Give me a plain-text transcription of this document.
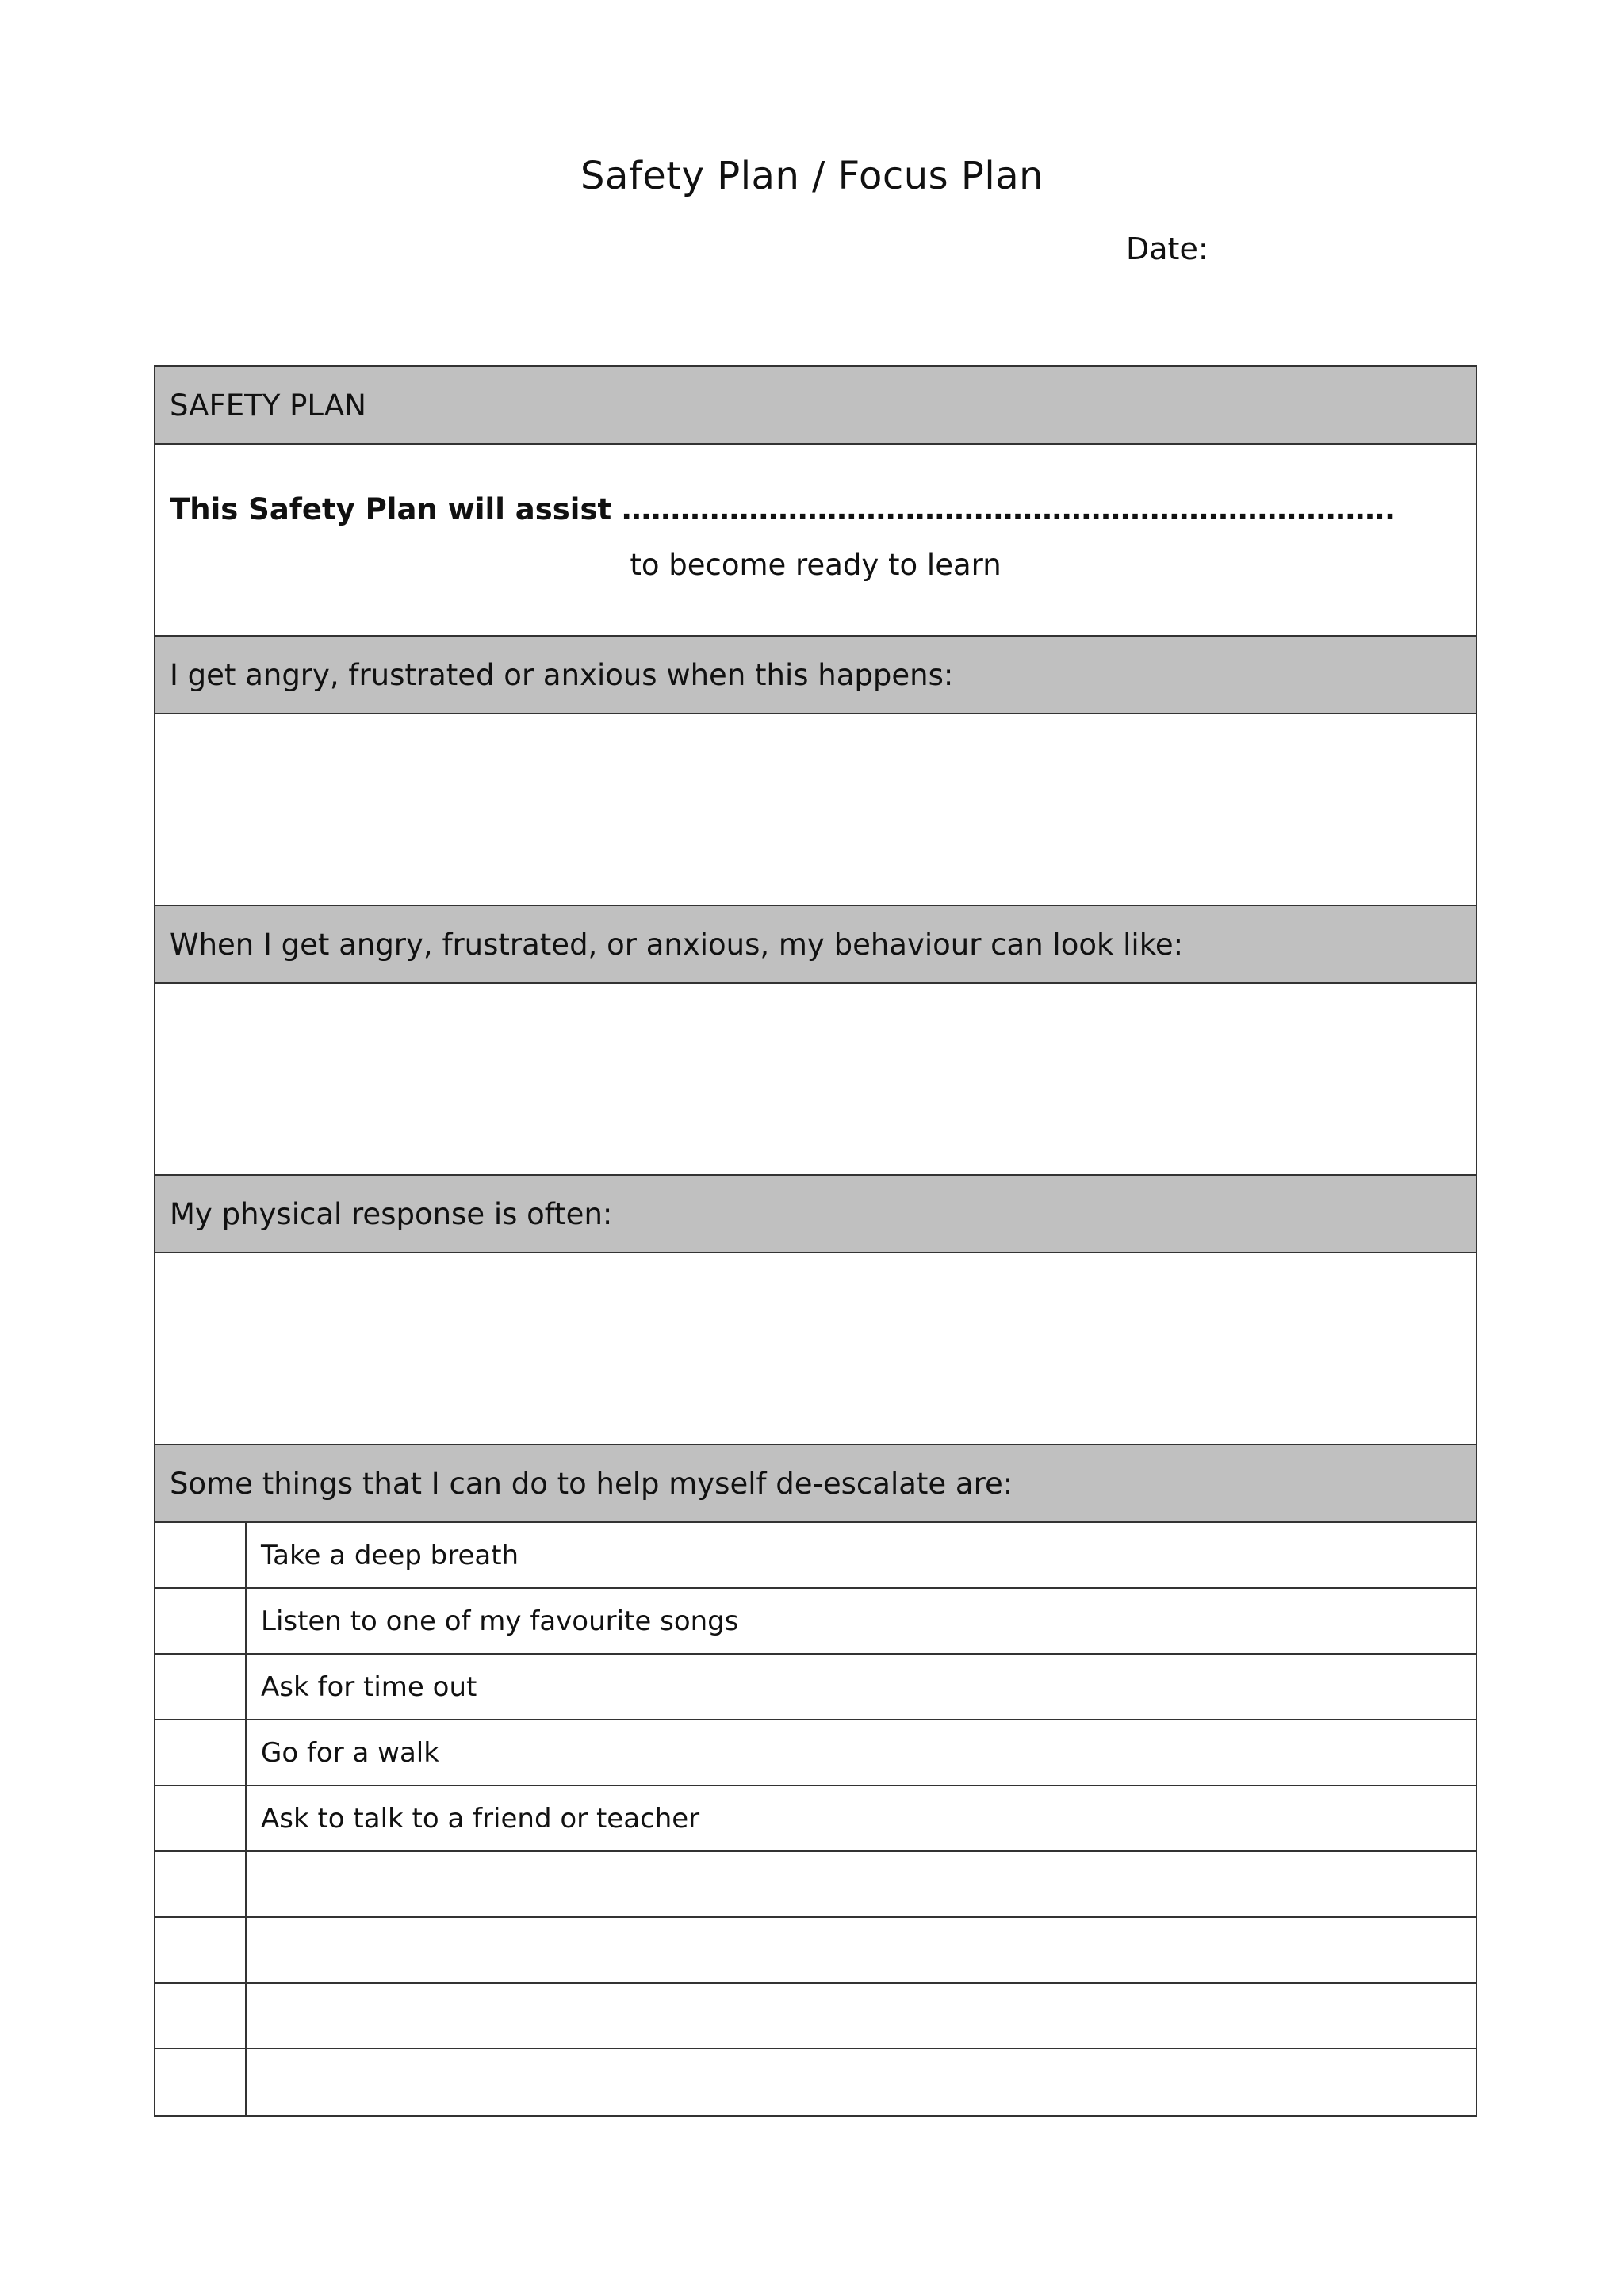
Safety Plan / Focus Plan
Date:
SAFETY PLAN
This Safety Plan will assist …………………………………………………………………….
to become ready to learn
I get angry, frustrated or anxious when this happens:
When I get angry, frustrated, or anxious, my behaviour can look like:
My physical response is often:
Some things that I can do to help myself de-escalate are:
Take a deep breath
Listen to one of my favourite songs
Ask for time out
Go for a walk
Ask to talk to a friend or teacher
